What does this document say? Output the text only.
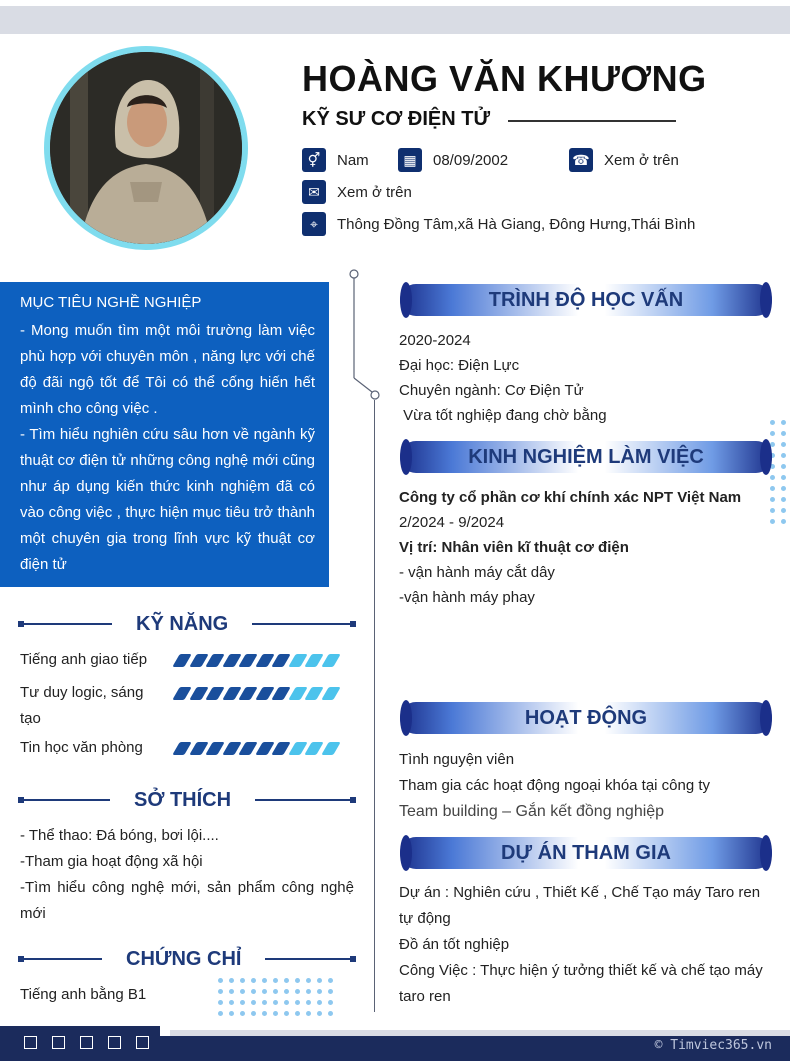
HOÀNG VĂN KHƯƠNG
KỸ SƯ CƠ ĐIỆN TỬ
⚥	Nam	▦	08/09/2002	☎ Xem ở trên
✉	Xem ở trên
⌖	Thông Đồng Tâm,xã Hà Giang, Đông Hưng,Thái Bình
MỤC TIÊU NGHỀ NGHIỆP

- Mong muốn tìm một môi trường làm việc phù hợp với chuyên môn , năng lực với chế độ đãi ngộ tốt để Tôi có thể cống hiến hết mình cho công việc .

- Tìm hiểu nghiên cứu sâu hơn về ngành kỹ thuật cơ điện tử những công nghệ mới cũng như áp dụng kiến thức kinh nghiệm đã có vào công việc , thực hiện mục tiêu trở thành một chuyên gia trong lĩnh vực kỹ thuật cơ điện tử

KỸ NĂNG
Tiếng anh giao tiếp
Tư duy logic, sáng tạo
Tin học văn phòng
SỞ THÍCH
- Thể thao: Đá bóng, bơi lội....
-Tham gia hoạt động xã hội
-Tìm hiểu công nghệ mới, sản phẩm công nghệ mới
CHỨNG CHỈ
Tiếng anh bằng B1
TRÌNH ĐỘ HỌC VẤN
2020-2024
Đại học: Điện Lực
Chuyên ngành: Cơ Điện Tử
Vừa tốt nghiệp đang chờ bằng
KINH NGHIỆM LÀM VIỆC
Công ty cổ phần cơ khí chính xác NPT Việt Nam
2/2024 - 9/2024
Vị trí: Nhân viên kĩ thuật cơ điện
- vận hành máy cắt dây
-vận hành máy phay
HOẠT ĐỘNG
Tình nguyện viên
Tham gia các hoạt động ngoại khóa tại công ty
Team building – Gắn kết đồng nghiệp
DỰ ÁN THAM GIA
Dự án : Nghiên cứu , Thiết Kế , Chế Tạo máy Taro ren tự động
Đồ án tốt nghiệp
Công Việc : Thực hiện ý tưởng thiết kế và chế tạo máy taro ren
© Timviec365.vn
